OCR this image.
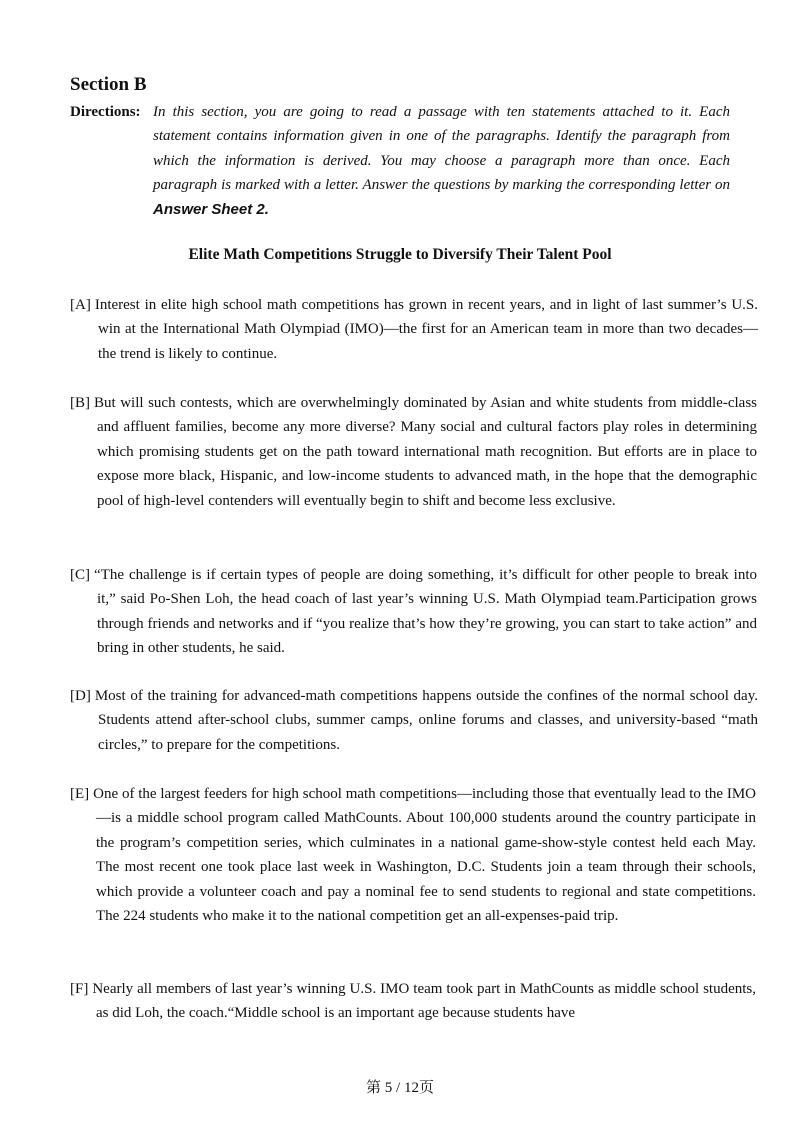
Section B
Directions: In this section, you are going to read a passage with ten statements attached to it. Each statement contains information given in one of the paragraphs. Identify the paragraph from which the information is derived. You may choose a paragraph more than once. Each paragraph is marked with a letter. Answer the questions by marking the corresponding letter on Answer Sheet 2.
Elite Math Competitions Struggle to Diversify Their Talent Pool

[A] Interest in elite high school math competitions has grown in recent years, and in light of last summer’s U.S. win at the International Math Olympiad (IMO)—the first for an American team in more than two decades—the trend is likely to continue.

[B] But will such contests, which are overwhelmingly dominated by Asian and white students from middle-class and affluent families, become any more diverse? Many social and cultural factors play roles in determining which promising students get on the path toward international math recognition. But efforts are in place to expose more black, Hispanic, and low-income students to advanced math, in the hope that the demographic pool of high-level contenders will eventually begin to shift and become less exclusive.

[C] “The challenge is if certain types of people are doing something, it’s difficult for other people to break into it,” said Po-Shen Loh, the head coach of last year’s winning U.S. Math Olympiad team.Participation grows through friends and networks and if “you realize that’s how they’re growing, you can start to take action” and bring in other students, he said.

[D] Most of the training for advanced-math competitions happens outside the confines of the normal school day. Students attend after-school clubs, summer camps, online forums and classes, and university-based “math circles,” to prepare for the competitions.

[E] One of the largest feeders for high school math competitions—including those that eventually lead to the IMO—is a middle school program called MathCounts. About 100,000 students around the country participate in the program’s competition series, which culminates in a national game-show-style contest held each May. The most recent one took place last week in Washington, D.C. Students join a team through their schools, which provide a volunteer coach and pay a nominal fee to send students to regional and state competitions. The 224 students who make it to the national competition get an all-expenses-paid trip.

[F] Nearly all members of last year’s winning U.S. IMO team took part in MathCounts as middle school students, as did Loh, the coach.“Middle school is an important age because students have

第 5 / 12页
